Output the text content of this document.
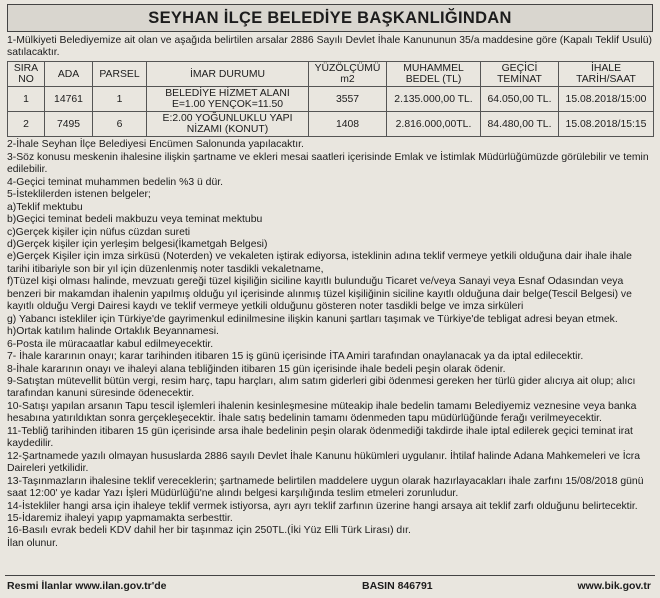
SEYHAN İLÇE BELEDİYE BAŞKANLIĞINDAN
1-Mülkiyeti Belediyemize ait olan ve aşağıda belirtilen arsalar 2886 Sayılı Devlet İhale Kanununun 35/a maddesine göre (Kapalı Teklif Usulü) satılacaktır.
SIRA NO	ADA	PARSEL	İMAR DURUMU	YÜZÖLÇÜMÜ m2	MUHAMMEL BEDEL (TL)	GEÇİCİ TEMİNAT	İHALE TARİH/SAAT
1	14761	1	BELEDİYE HİZMET ALANI E=1.00 YENÇOK=11.50	3557	2.135.000,00 TL.	64.050,00 TL.	15.08.2018/15:00
2	7495	6	E:2.00 YOĞUNLUKLU YAPI NİZAMI (KONUT)	1408	2.816.000,00TL.	84.480,00 TL.	15.08.2018/15:15

2-İhale Seyhan İlçe Belediyesi Encümen Salonunda yapılacaktır.

3-Söz konusu meskenin ihalesine ilişkin şartname ve ekleri mesai saatleri içerisinde Emlak ve İstimlak Müdürlüğümüzde görülebilir ve temin edilebilir.

4-Geçici teminat muhammen bedelin %3 ü dür.

5-İsteklilerden istenen belgeler;

a)Teklif mektubu

b)Geçici teminat bedeli makbuzu veya teminat mektubu

c)Gerçek kişiler için nüfus cüzdan sureti

d)Gerçek kişiler için yerleşim belgesi(İkametgah Belgesi)

e)Gerçek Kişiler için imza sirküsü (Noterden) ve vekaleten iştirak ediyorsa, isteklinin adına teklif vermeye yetkili olduğuna dair ihale ihale tarihi itibariyle son bir yıl için düzenlenmiş noter tasdikli vekaletname,

f)Tüzel kişi olması halinde, mevzuatı gereği tüzel kişiliğin siciline kayıtlı bulunduğu Ticaret ve/veya Sanayi veya Esnaf Odasından veya benzeri bir makamdan ihalenin yapılmış olduğu yıl içerisinde alınmış tüzel kişiliğinin siciline kayıtlı olduğuna dair belge(Tescil Belgesi) ve kayıtlı olduğu Vergi Dairesi kaydı ve teklif vermeye yetkili olduğunu gösteren noter tasdikli belge ve imza sirküleri

g) Yabancı istekliler için Türkiye'de gayrimenkul edinilmesine ilişkin kanuni şartları taşımak ve Türkiye'de tebligat adresi beyan etmek.

h)Ortak katılım halinde Ortaklık Beyannamesi.

6-Posta ile müracaatlar kabul edilmeyecektir.

7- İhale kararının onayı; karar tarihinden itibaren 15 iş günü içerisinde İTA Amiri tarafından onaylanacak ya da iptal edilecektir.

8-İhale kararının onayı ve ihaleyi alana tebliğinden itibaren 15 gün içerisinde ihale bedeli peşin olarak ödenir.

9-Satıştan mütevellit bütün vergi, resim harç, tapu harçları, alım satım giderleri gibi ödenmesi gereken her türlü gider alıcıya ait olup; alıcı tarafından kanuni süresinde ödenecektir.

10-Satışı yapılan arsanın Tapu tescil işlemleri ihalenin kesinleşmesine müteakip ihale bedelin tamamı Belediyemiz veznesine veya banka hesabına yatırıldıktan sonra gerçekleşecektir. İhale satış bedelinin tamamı ödenmeden tapu müdürlüğünde ferağı verilmeyecektir.

11-Tebliğ tarihinden itibaren 15 gün içerisinde arsa ihale bedelinin peşin olarak ödenmediği takdirde ihale iptal edilerek geçici teminat irat kaydedilir.

12-Şartnamede yazılı olmayan hususlarda 2886 sayılı Devlet İhale Kanunu hükümleri uygulanır. İhtilaf halinde Adana Mahkemeleri ve İcra Daireleri yetkilidir.

13-Taşınmazların ihalesine teklif vereceklerin; şartnamede belirtilen maddelere uygun olarak hazırlayacakları ihale zarfını 15/08/2018 günü saat 12:00' ye kadar Yazı İşleri Müdürlüğü'ne alındı belgesi karşılığında teslim etmeleri zorunludur.

14-İstekliler hangi arsa için ihaleye teklif vermek istiyorsa, ayrı ayrı teklif zarfının üzerine hangi arsaya ait teklif zarfı olduğunu belirtecektir.

15-İdaremiz ihaleyi yapıp yapmamakta serbesttir.

16-Basılı evrak bedeli KDV dahil her bir taşınmaz için 250TL.(İki Yüz Elli Türk Lirası) dır.

İlan olunur.

Resmi İlanlar www.ilan.gov.tr'de	BASIN 846791	www.bik.gov.tr
